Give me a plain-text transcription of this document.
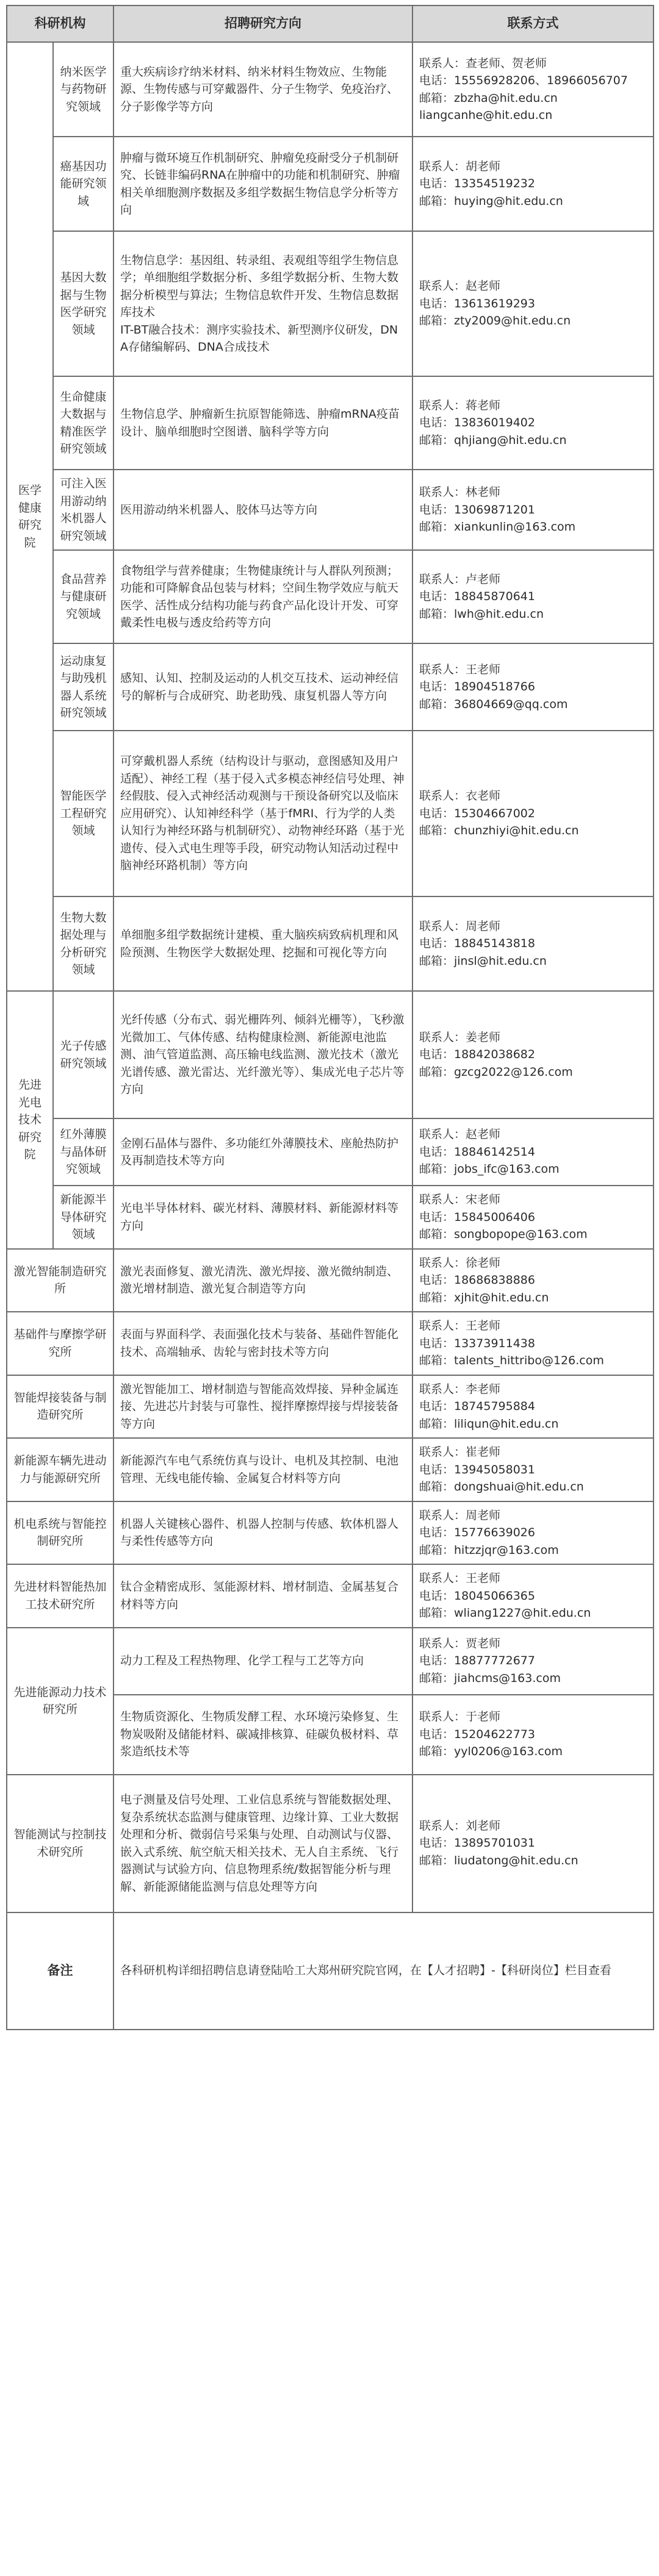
科研机构		招聘研究方向	联系方式
医学健康研究院	纳米医学与药物研究领域	重大疾病诊疗纳米材料、纳米材料生物效应、生物能源、生物传感与可穿戴器件、分子生物学、免疫治疗、分子影像学等方向	联系人：查老师、贺老师
电话：15556928206、18966056707
邮箱：zbzha@hit.edu.cn
liangcanhe@hit.edu.cn

	癌基因功能研究领域	肿瘤与微环境互作机制研究、肿瘤免疫耐受分子机制研究、长链非编码RNA在肿瘤中的功能和机制研究、肿瘤相关单细胞测序数据及多组学数据生物信息学分析等方向	联系人：胡老师
电话：13354519232
邮箱：huying@hit.edu.cn

	基因大数据与生物医学研究领域	生物信息学：基因组、转录组、表观组等组学生物信息学；单细胞组学数据分析、多组学数据分析、生物大数据分析模型与算法；生物信息软件开发、生物信息数据库技术
IT-BT融合技术：测序实验技术、新型测序仪研发，DNA存储编解码、DNA合成技术	联系人：赵老师
电话：13613619293
邮箱：zty2009@hit.edu.cn

	生命健康大数据与精准医学研究领域	生物信息学、肿瘤新生抗原智能筛选、肿瘤mRNA疫苗设计、脑单细胞时空图谱、脑科学等方向	联系人：蒋老师
电话：13836019402
邮箱：qhjiang@hit.edu.cn

	可注入医用游动纳米机器人研究领域	医用游动纳米机器人、胶体马达等方向	联系人：林老师
电话：13069871201
邮箱：xiankunlin@163.com

	食品营养与健康研究领域	食物组学与营养健康；生物健康统计与人群队列预测；功能和可降解食品包装与材料；空间生物学效应与航天医学、活性成分结构功能与药食产品化设计开发、可穿戴柔性电极与透皮给药等方向	联系人：卢老师
电话：18845870641
邮箱：lwh@hit.edu.cn

	运动康复与助残机器人系统研究领域	感知、认知、控制及运动的人机交互技术、运动神经信号的解析与合成研究、助老助残、康复机器人等方向	联系人：王老师
电话：18904518766
邮箱：36804669@qq.com

	智能医学工程研究领域	可穿戴机器人系统（结构设计与驱动，意图感知及用户适配）、神经工程（基于侵入式多模态神经信号处理、神经假肢、侵入式神经活动观测与干预设备研究以及临床应用研究）、认知神经科学（基于fMRI、行为学的人类认知行为神经环路与机制研究）、动物神经环路（基于光遗传、侵入式电生理等手段，研究动物认知活动过程中脑神经环路机制）等方向	联系人：衣老师
电话：15304667002
邮箱：chunzhiyi@hit.edu.cn

	生物大数据处理与分析研究领域	单细胞多组学数据统计建模、重大脑疾病致病机理和风险预测、生物医学大数据处理、挖掘和可视化等方向	联系人：周老师
电话：18845143818
邮箱：jinsl@hit.edu.cn

先进光电技术研究院	光子传感研究领域	光纤传感（分布式、弱光栅阵列、倾斜光栅等），飞秒激光微加工、气体传感、结构健康检测、新能源电池监测、油气管道监测、高压输电线监测、激光技术（激光光谱传感、激光雷达、光纤激光等）、集成光电子芯片等方向	联系人：姜老师
电话：18842038682
邮箱：gzcg2022@126.com

	红外薄膜与晶体研究领域	金刚石晶体与器件、多功能红外薄膜技术、座舱热防护及再制造技术等方向	联系人：赵老师
电话：18846142514
邮箱：jobs_ifc@163.com

	新能源半导体研究领域	光电半导体材料、碳光材料、薄膜材料、新能源材料等方向	联系人：宋老师
电话：15845006406
邮箱：songbopope@163.com

激光智能制造研究所		激光表面修复、激光清洗、激光焊接、激光微纳制造、激光增材制造、激光复合制造等方向	联系人：徐老师
电话：18686838886
邮箱：xjhit@hit.edu.cn

基础件与摩擦学研究所		表面与界面科学、表面强化技术与装备、基础件智能化技术、高端轴承、齿轮与密封技术等方向	联系人：王老师
电话：13373911438
邮箱：talents_hittribo@126.com

智能焊接装备与制造研究所		激光智能加工、增材制造与智能高效焊接、异种金属连接、先进芯片封装与可靠性、搅拌摩擦焊接与焊接装备等方向	联系人：李老师
电话：18745795884
邮箱：liliqun@hit.edu.cn

新能源车辆先进动力与能源研究所		新能源汽车电气系统仿真与设计、电机及其控制、电池管理、无线电能传输、金属复合材料等方向	联系人：崔老师
电话：13945058031
邮箱：dongshuai@hit.edu.cn

机电系统与智能控制研究所		机器人关键核心器件、机器人控制与传感、软体机器人与柔性传感等方向	联系人：周老师
电话：15776639026
邮箱：hitzzjqr@163.com

先进材料智能热加工技术研究所		钛合金精密成形、氢能源材料、增材制造、金属基复合材料等方向	联系人：王老师
电话：18045066365
邮箱：wliang1227@hit.edu.cn

先进能源动力技术研究所		动力工程及工程热物理、化学工程与工艺等方向	联系人：贾老师
电话：18877772677
邮箱：jiahcms@163.com

		生物质资源化、生物质发酵工程、水环境污染修复、生物炭吸附及储能材料、碳减排核算、硅碳负极材料、草浆造纸技术等	联系人：于老师
电话：15204622773
邮箱：yyl0206@163.com

智能测试与控制技术研究所		电子测量及信号处理、工业信息系统与智能数据处理、复杂系统状态监测与健康管理、边缘计算、工业大数据处理和分析、微弱信号采集与处理、自动测试与仪器、嵌入式系统、航空航天相关技术、无人自主系统、飞行器测试与试验方向、信息物理系统/数据智能分析与理解、新能源储能监测与信息处理等方向	联系人：刘老师
电话：13895701031
邮箱：liudatong@hit.edu.cn

备注		各科研机构详细招聘信息请登陆哈工大郑州研究院官网，在【人才招聘】-【科研岗位】栏目查看	
